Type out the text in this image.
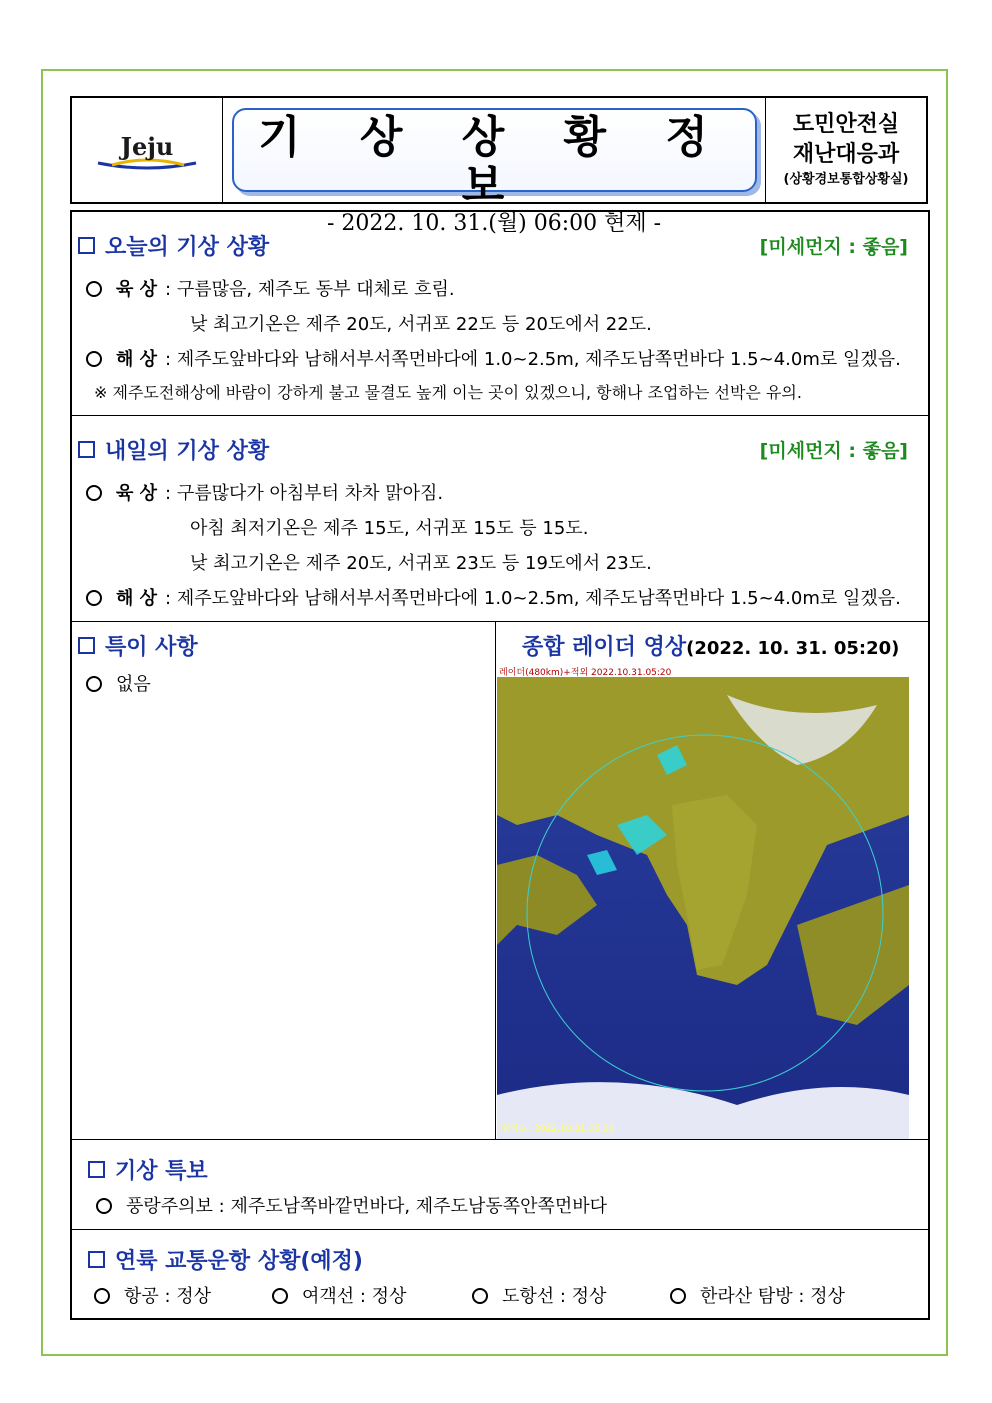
Jeju	기 상 상 황 정 보
- 2022. 10. 31.(월) 06:00 현제 -
도민안전실
재난대응과
(상황경보통합상황실)
오늘의 기상 상황	[미세먼지 : 좋음]
육 상 : 구름많음, 제주도 동부 대체로 흐림.
낮 최고기온은 제주 20도, 서귀포 22도 등 20도에서 22도.
해 상 : 제주도앞바다와 남해서부서쪽먼바다에 1.0~2.5m, 제주도남쪽먼바다 1.5~4.0m로 일겠음.
※ 제주도전해상에 바람이 강하게 불고 물결도 높게 이는 곳이 있겠으니, 항해나 조업하는 선박은 유의.
내일의 기상 상황	[미세먼지 : 좋음]
육 상 : 구름많다가 아침부터 차차 맑아짐.
아침 최저기온은 제주 15도, 서귀포 15도 등 15도.
낮 최고기온은 제주 20도, 서귀포 23도 등 19도에서 23도.
해 상 : 제주도앞바다와 남해서부서쪽먼바다에 1.0~2.5m, 제주도남쪽먼바다 1.5~4.0m로 일겠음.
특이 사항
없음
종합 레이더 영상(2022. 10. 31. 05:20)
레이더(480km)+적외 2022.10.31.05:20
위성G : 2022.10.31.05:20
기상 특보
풍랑주의보 : 제주도남쪽바깥먼바다, 제주도남동쪽안쪽먼바다
연륙 교통운항 상황(예정)
항공 : 정상	여객선 : 정상	도항선 : 정상	한라산 탐방 : 정상
